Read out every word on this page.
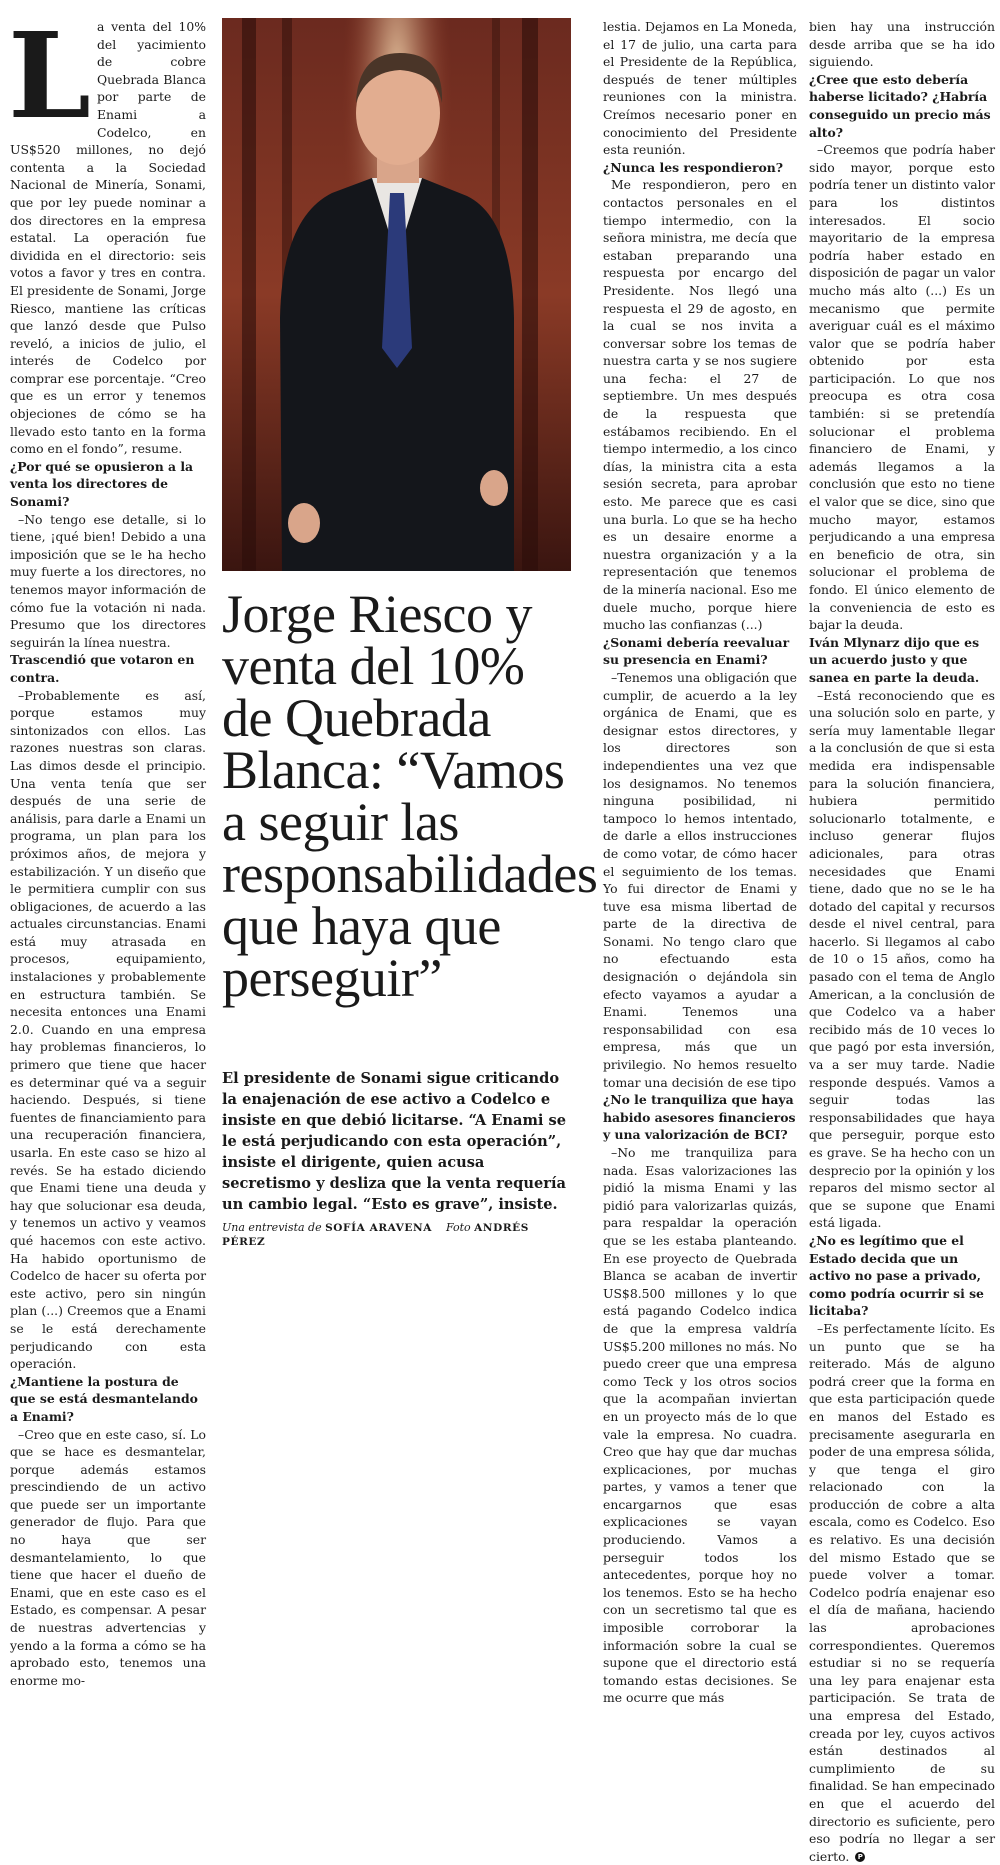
L a venta del 10% del yacimiento de cobre Quebrada Blanca por parte de Enami a Codelco, en US$520 millones, no dejó contenta a la Sociedad Nacional de Minería, Sonami, que por ley puede nominar a dos directores en la empresa estatal. La operación fue dividida en el directorio: seis votos a favor y tres en contra. El presidente de Sonami, Jorge Riesco, mantiene las críticas que lanzó desde que Pulso reveló, a inicios de julio, el interés de Codelco por comprar ese porcentaje. “Creo que es un error y tenemos objeciones de cómo se ha llevado esto tanto en la forma como en el fondo”, resume.

¿Por qué se opusieron a la venta los directores de Sonami?

–No tengo ese detalle, si lo tiene, ¡qué bien! Debido a una imposición que se le ha hecho muy fuerte a los directores, no tenemos mayor información de cómo fue la votación ni nada. Presumo que los directores seguirán la línea nuestra.

Trascendió que votaron en contra.

–Probablemente es así, porque estamos muy sintonizados con ellos. Las razones nuestras son claras. Las dimos desde el principio. Una venta tenía que ser después de una serie de análisis, para darle a Enami un programa, un plan para los próximos años, de mejora y estabilización. Y un diseño que le permitiera cumplir con sus obligaciones, de acuerdo a las actuales circunstancias. Enami está muy atrasada en procesos, equipamiento, instalaciones y probablemente en estructura también. Se necesita entonces una Enami 2.0. Cuando en una empresa hay problemas financieros, lo primero que tiene que hacer es determinar qué va a seguir haciendo. Después, si tiene fuentes de financiamiento para una recuperación financiera, usarla. En este caso se hizo al revés. Se ha estado diciendo que Enami tiene una deuda y hay que solucionar esa deuda, y tenemos un activo y veamos qué hacemos con este activo. Ha habido oportunismo de Codelco de hacer su oferta por este activo, pero sin ningún plan (...) Creemos que a Enami se le está derechamente perjudicando con esta operación.

¿Mantiene la postura de que se está desmantelando a Enami?

–Creo que en este caso, sí. Lo que se hace es desmantelar, porque además estamos prescindiendo de un activo que puede ser un importante generador de flujo. Para que no haya que ser desmantelamiento, lo que tiene que hacer el dueño de Enami, que en este caso es el Estado, es compensar. A pesar de nuestras advertencias y yendo a la forma a cómo se ha aprobado esto, tenemos una enorme mo-

Jorge Riesco y venta del 10% de Quebrada Blanca: “Vamos a seguir las responsabilidades que haya que perseguir”

El presidente de Sonami sigue criticando la enajenación de ese activo a Codelco e insiste en que debió licitarse. “A Enami se le está perjudicando con esta operación”, insiste el dirigente, quien acusa secretismo y desliza que la venta requería un cambio legal. “Esto es grave”, insiste.

Una entrevista de SOFÍA ARAVENA Foto ANDRÉS PÉREZ

lestia. Dejamos en La Moneda, el 17 de julio, una carta para el Presidente de la República, después de tener múltiples reuniones con la ministra. Creímos necesario poner en conocimiento del Presidente esta reunión.

¿Nunca les respondieron?

Me respondieron, pero en contactos personales en el tiempo intermedio, con la señora ministra, me decía que estaban preparando una respuesta por encargo del Presidente. Nos llegó una respuesta el 29 de agosto, en la cual se nos invita a conversar sobre los temas de nuestra carta y se nos sugiere una fecha: el 27 de septiembre. Un mes después de la respuesta que estábamos recibiendo. En el tiempo intermedio, a los cinco días, la ministra cita a esta sesión secreta, para aprobar esto. Me parece que es casi una burla. Lo que se ha hecho es un desaire enorme a nuestra organización y a la representación que tenemos de la minería nacional. Eso me duele mucho, porque hiere mucho las confianzas (...)

¿Sonami debería reevaluar su presencia en Enami?

–Tenemos una obligación que cumplir, de acuerdo a la ley orgánica de Enami, que es designar estos directores, y los directores son independientes una vez que los designamos. No tenemos ninguna posibilidad, ni tampoco lo hemos intentado, de darle a ellos instrucciones de como votar, de cómo hacer el seguimiento de los temas. Yo fui director de Enami y tuve esa misma libertad de parte de la directiva de Sonami. No tengo claro que no efectuando esta designación o dejándola sin efecto vayamos a ayudar a Enami. Tenemos una responsabilidad con esa empresa, más que un privilegio. No hemos resuelto tomar una decisión de ese tipo

¿No le tranquiliza que haya habido asesores financieros y una valorización de BCI?

–No me tranquiliza para nada. Esas valorizaciones las pidió la misma Enami y las pidió para valorizarlas quizás, para respaldar la operación que se les estaba planteando. En ese proyecto de Quebrada Blanca se acaban de invertir US$8.500 millones y lo que está pagando Codelco indica de que la empresa valdría US$5.200 millones no más. No puedo creer que una empresa como Teck y los otros socios que la acompañan inviertan en un proyecto más de lo que vale la empresa. No cuadra. Creo que hay que dar muchas explicaciones, por muchas partes, y vamos a tener que encargarnos que esas explicaciones se vayan produciendo. Vamos a perseguir todos los antecedentes, porque hoy no los tenemos. Esto se ha hecho con un secretismo tal que es imposible corroborar la información sobre la cual se supone que el directorio está tomando estas decisiones. Se me ocurre que más

bien hay una instrucción desde arriba que se ha ido siguiendo.

¿Cree que esto debería haberse licitado? ¿Habría conseguido un precio más alto?

–Creemos que podría haber sido mayor, porque esto podría tener un distinto valor para los distintos interesados. El socio mayoritario de la empresa podría haber estado en disposición de pagar un valor mucho más alto (...) Es un mecanismo que permite averiguar cuál es el máximo valor que se podría haber obtenido por esta participación. Lo que nos preocupa es otra cosa también: si se pretendía solucionar el problema financiero de Enami, y además llegamos a la conclusión que esto no tiene el valor que se dice, sino que mucho mayor, estamos perjudicando a una empresa en beneficio de otra, sin solucionar el problema de fondo. El único elemento de la conveniencia de esto es bajar la deuda.

Iván Mlynarz dijo que es un acuerdo justo y que sanea en parte la deuda.

–Está reconociendo que es una solución solo en parte, y sería muy lamentable llegar a la conclusión de que si esta medida era indispensable para la solución financiera, hubiera permitido solucionarlo totalmente, e incluso generar flujos adicionales, para otras necesidades que Enami tiene, dado que no se le ha dotado del capital y recursos desde el nivel central, para hacerlo. Si llegamos al cabo de 10 o 15 años, como ha pasado con el tema de Anglo American, a la conclusión de que Codelco va a haber recibido más de 10 veces lo que pagó por esta inversión, va a ser muy tarde. Nadie responde después. Vamos a seguir todas las responsabilidades que haya que perseguir, porque esto es grave. Se ha hecho con un desprecio por la opinión y los reparos del mismo sector al que se supone que Enami está ligada.

¿No es legítimo que el Estado decida que un activo no pase a privado, como podría ocurrir si se licitaba?

–Es perfectamente lícito. Es un punto que se ha reiterado. Más de alguno podrá creer que la forma en que esta participación quede en manos del Estado es precisamente asegurarla en poder de una empresa sólida, y que tenga el giro relacionado con la producción de cobre a alta escala, como es Codelco. Eso es relativo. Es una decisión del mismo Estado que se puede volver a tomar. Codelco podría enajenar eso el día de mañana, haciendo las aprobaciones correspondientes. Queremos estudiar si no se requería una ley para enajenar esta participación. Se trata de una empresa del Estado, creada por ley, cuyos activos están destinados al cumplimiento de su finalidad. Se han empecinado en que el acuerdo del directorio es suficiente, pero eso podría no llegar a ser cierto. P
